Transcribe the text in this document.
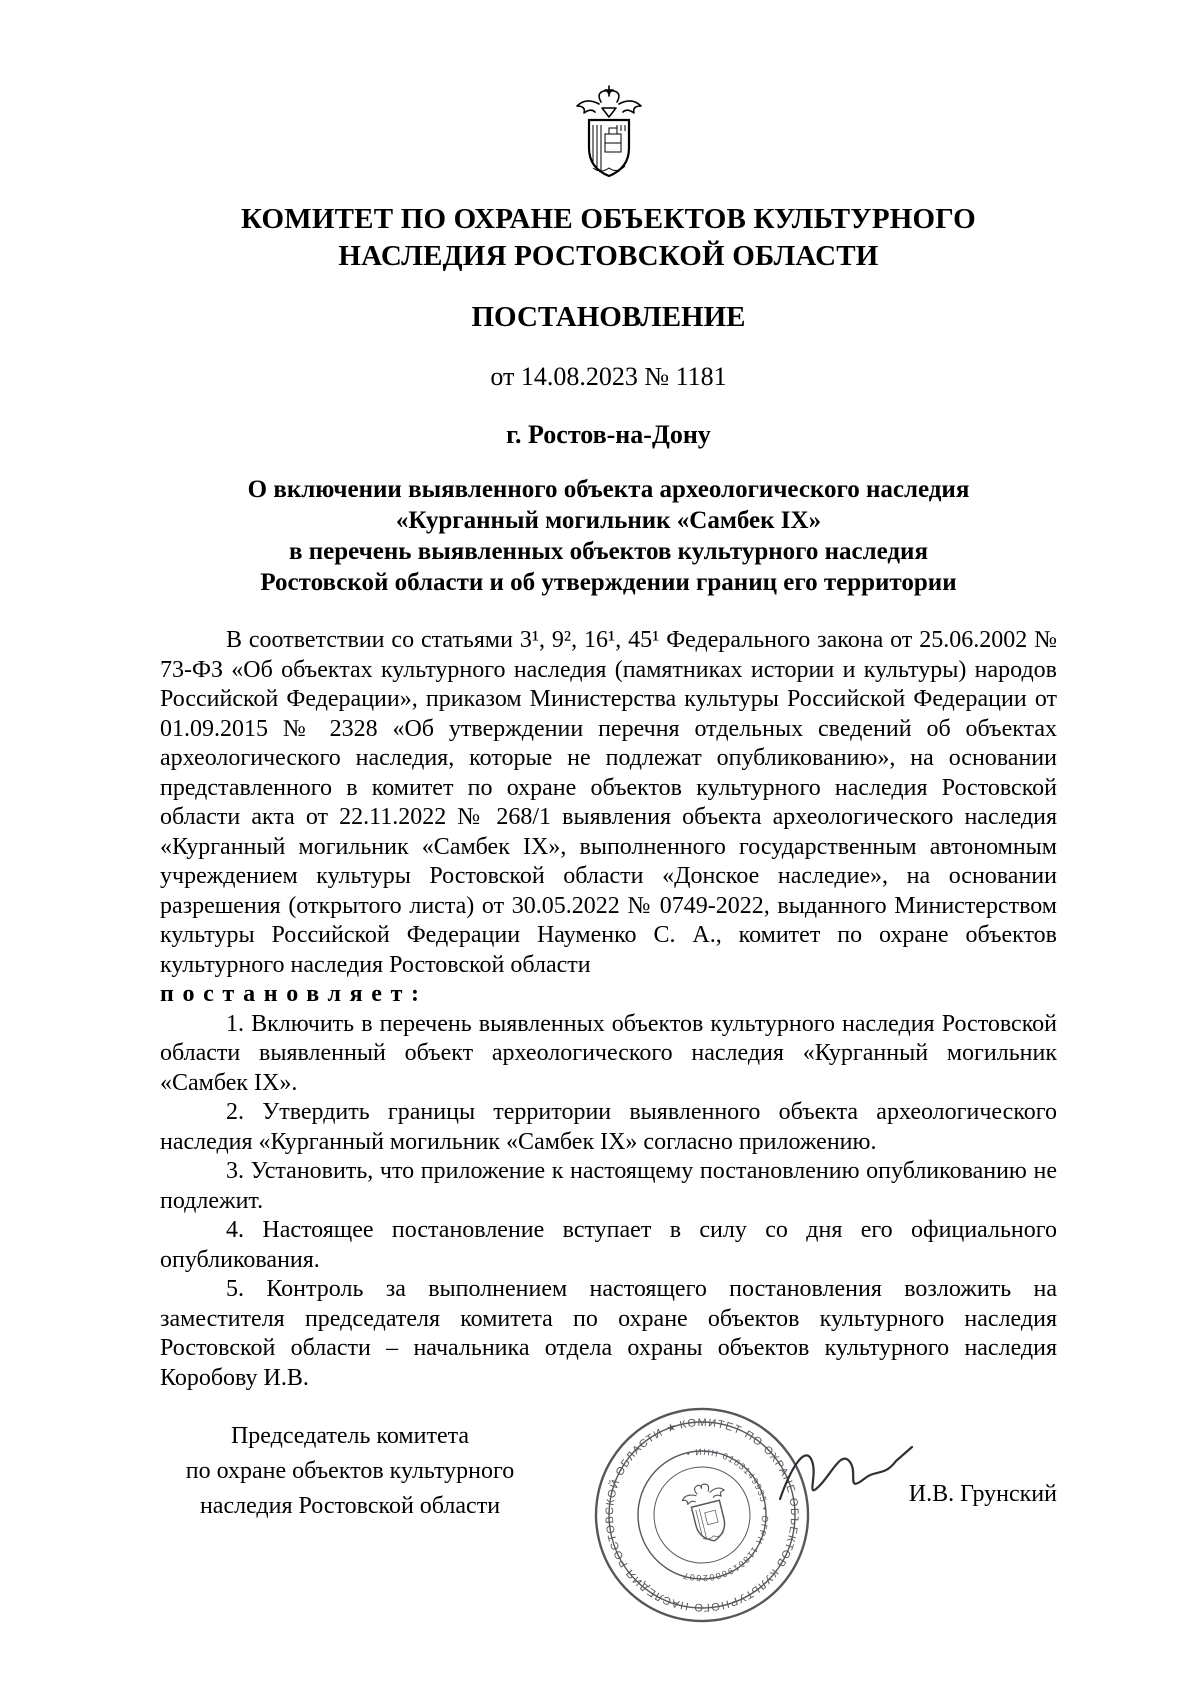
КОМИТЕТ ПО ОХРАНЕ ОБЪЕКТОВ КУЛЬТУРНОГО
НАСЛЕДИЯ РОСТОВСКОЙ ОБЛАСТИ
ПОСТАНОВЛЕНИЕ
от 14.08.2023 № 1181
г. Ростов-на-Дону
О включении выявленного объекта археологического наследия
«Курганный могильник «Самбек IX»
в перечень выявленных объектов культурного наследия
Ростовской области и об утверждении границ его территории

В соответствии со статьями 3¹, 9², 16¹, 45¹ Федерального закона от 25.06.2002 № 73-ФЗ «Об объектах культурного наследия (памятниках истории и культуры) народов Российской Федерации», приказом Министерства культуры Российской Федерации от 01.09.2015 № 2328 «Об утверждении перечня отдельных сведений об объектах археологического наследия, которые не подлежат опубликованию», на основании представленного в комитет по охране объектов культурного наследия Ростовской области акта от 22.11.2022 № 268/1 выявления объекта археологического наследия «Курганный могильник «Самбек IX», выполненного государственным автономным учреждением культуры Ростовской области «Донское наследие», на основании разрешения (открытого листа) от 30.05.2022 № 0749-2022, выданного Министерством культуры Российской Федерации Науменко С. А., комитет по охране объектов культурного наследия Ростовской области

постановляет:

1. Включить в перечень выявленных объектов культурного наследия Ростовской области выявленный объект археологического наследия «Курганный могильник «Самбек IX».

2. Утвердить границы территории выявленного объекта археологического наследия «Курганный могильник «Самбек IX» согласно приложению.

3. Установить, что приложение к настоящему постановлению опубликованию не подлежит.

4. Настоящее постановление вступает в силу со дня его официального опубликования.

5. Контроль за выполнением настоящего постановления возложить на заместителя председателя комитета по охране объектов культурного наследия Ростовской области – начальника отдела охраны объектов культурного наследия Коробову И.В.

КОМИТЕТ ПО ОХРАНЕ ОБЪЕКТОВ КУЛЬТУРНОГО НАСЛЕДИЯ РОСТОВСКОЙ ОБЛАСТИ ★
• ИНН 6163149935 • ОГРН 1186196002607
Председатель комитета
по охране объектов культурного
наследия Ростовской области	И.В. Грунский
